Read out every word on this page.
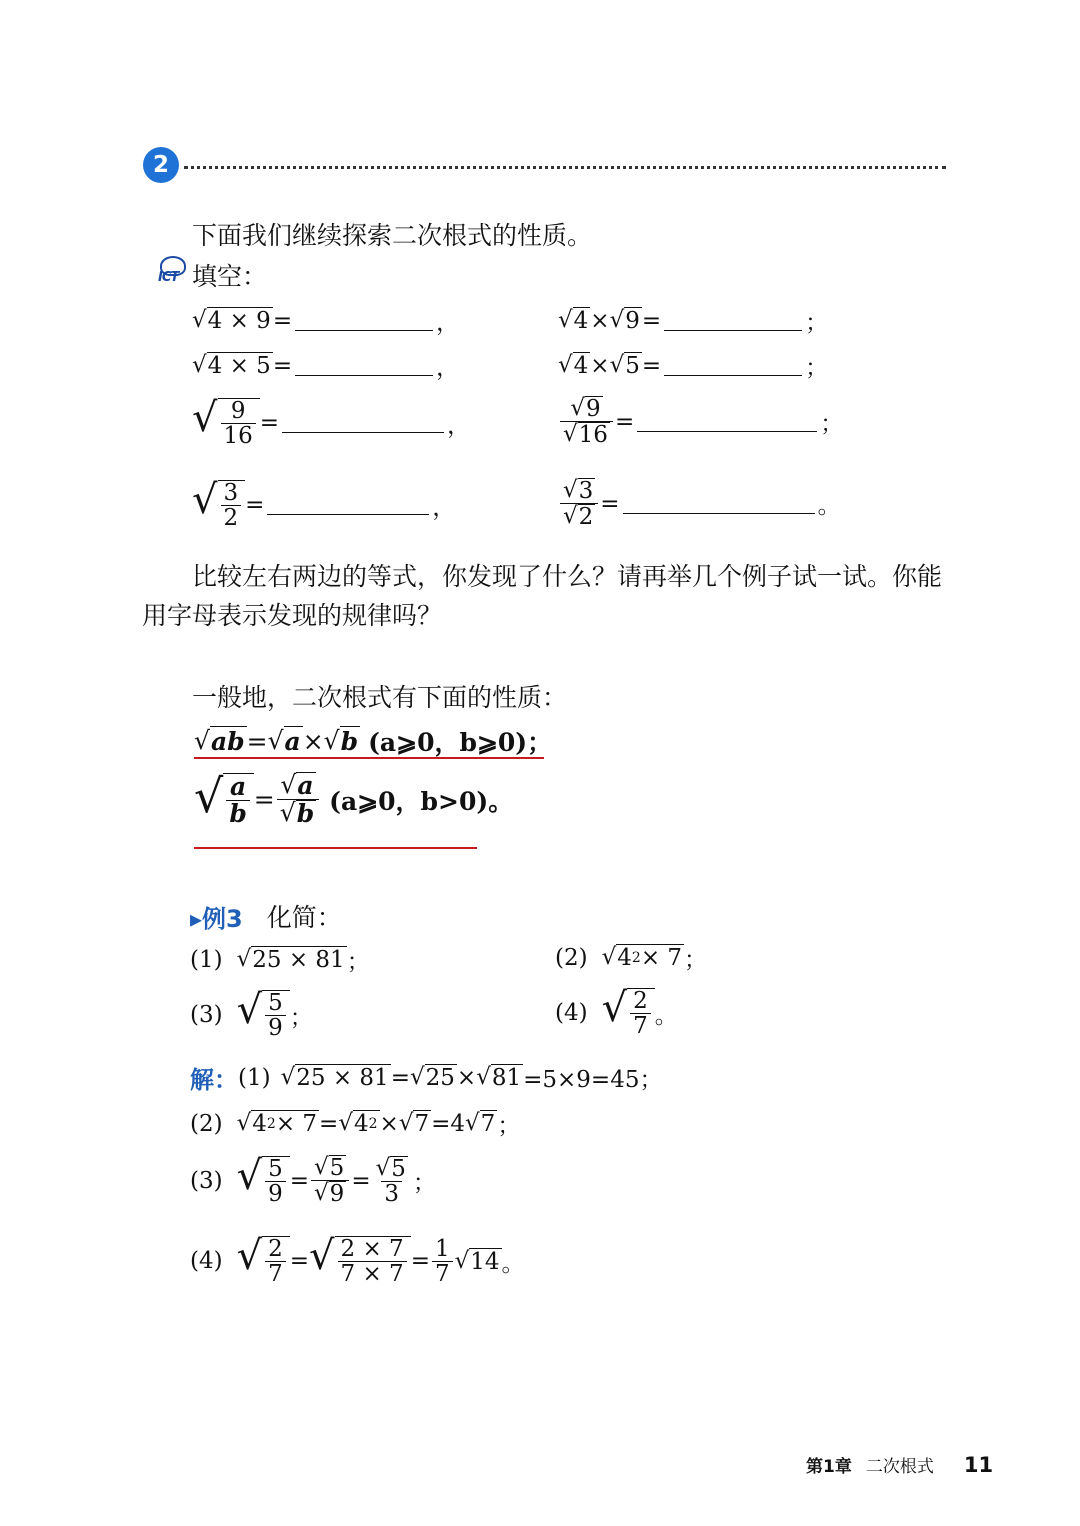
2
下面我们继续探索二次根式的性质。
ICT 填空：
√ 4 × 9 =	，	√ 4 × √ 9 =	；
√ 4 × 5 =	，	√ 4 × √ 5 =	；
√ $\frac{9}{16}$ =	，	$\frac{√ 9}{√ 16}$ =	；
√ $\frac{3}{2}$ =	，	$\frac{√ 3}{√ 2}$ =	。
比较左右两边的等式，你发现了什么？请再举几个例子试一试。你能
用字母表示发现的规律吗？
一般地，二次根式有下面的性质：
√ ab = √ a × √ b (a⩾0，b⩾0)；
√ $\frac{a}{b} = \frac{√ a}{√ b}$ (a⩾0，b>0)。
▸例3 化简：
(1) √ 25 × 81 ；	(2) √ 4 2 × 7 ；
(3) √ $\frac{5}{9}$ ；	(4) √ $\frac{2}{7}$ 。
解： (1) √ 25 × 81 = √ 25 × √ 81 =5×9=45；
(2) √ 4 2 × 7 = √ 4 2 × √ 7 =4 √ 7 ；
(3) √ $\frac{5}{9} = \frac{√ 5}{√ 9} = \frac{√ 5}{3}$ ；
(4) √ $\frac{2}{7}$ = √ $\frac{2 \times 7}{7 \times 7} = \frac{1}{7}$ √ 14 。
第1章 二次根式 11
